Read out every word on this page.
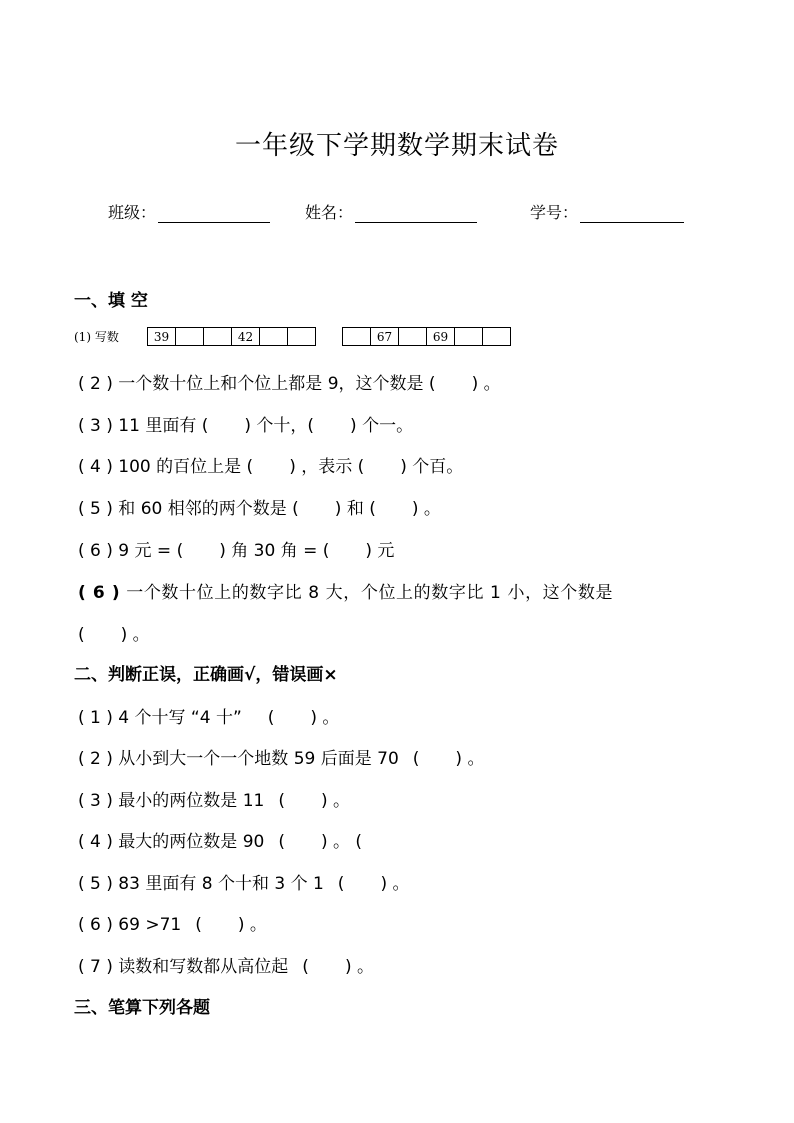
一年级下学期数学期末试卷
班级：	姓名：	学号：
一、填 空
(1) 写数	39			42		
		67		69		
( 2 ) 一个数十位上和个位上都是 9，这个数是 ( ) 。
( 3 ) 11 里面有 ( ) 个十，( ) 个一。
( 4 ) 100 的百位上是 ( ) ，表示 ( ) 个百。
( 5 ) 和 60 相邻的两个数是 ( ) 和 ( ) 。
( 6 ) 9 元 = ( ) 角 30 角 = ( ) 元
( 6 ) 一个数十位上的数字比 8 大，个位上的数字比 1 小，这个数是
( ) 。
二、判断正误，正确画√，错误画×
( 1 ) 4 个十写 “4 十” ( ) 。
( 2 ) 从小到大一个一个地数 59 后面是 70 ( ) 。
( 3 ) 最小的两位数是 11 ( ) 。
( 4 ) 最大的两位数是 90 ( ) 。 (
( 5 ) 83 里面有 8 个十和 3 个 1 ( ) 。
( 6 ) 69 >71 ( ) 。
( 7 ) 读数和写数都从高位起 ( ) 。
三、笔算下列各题
